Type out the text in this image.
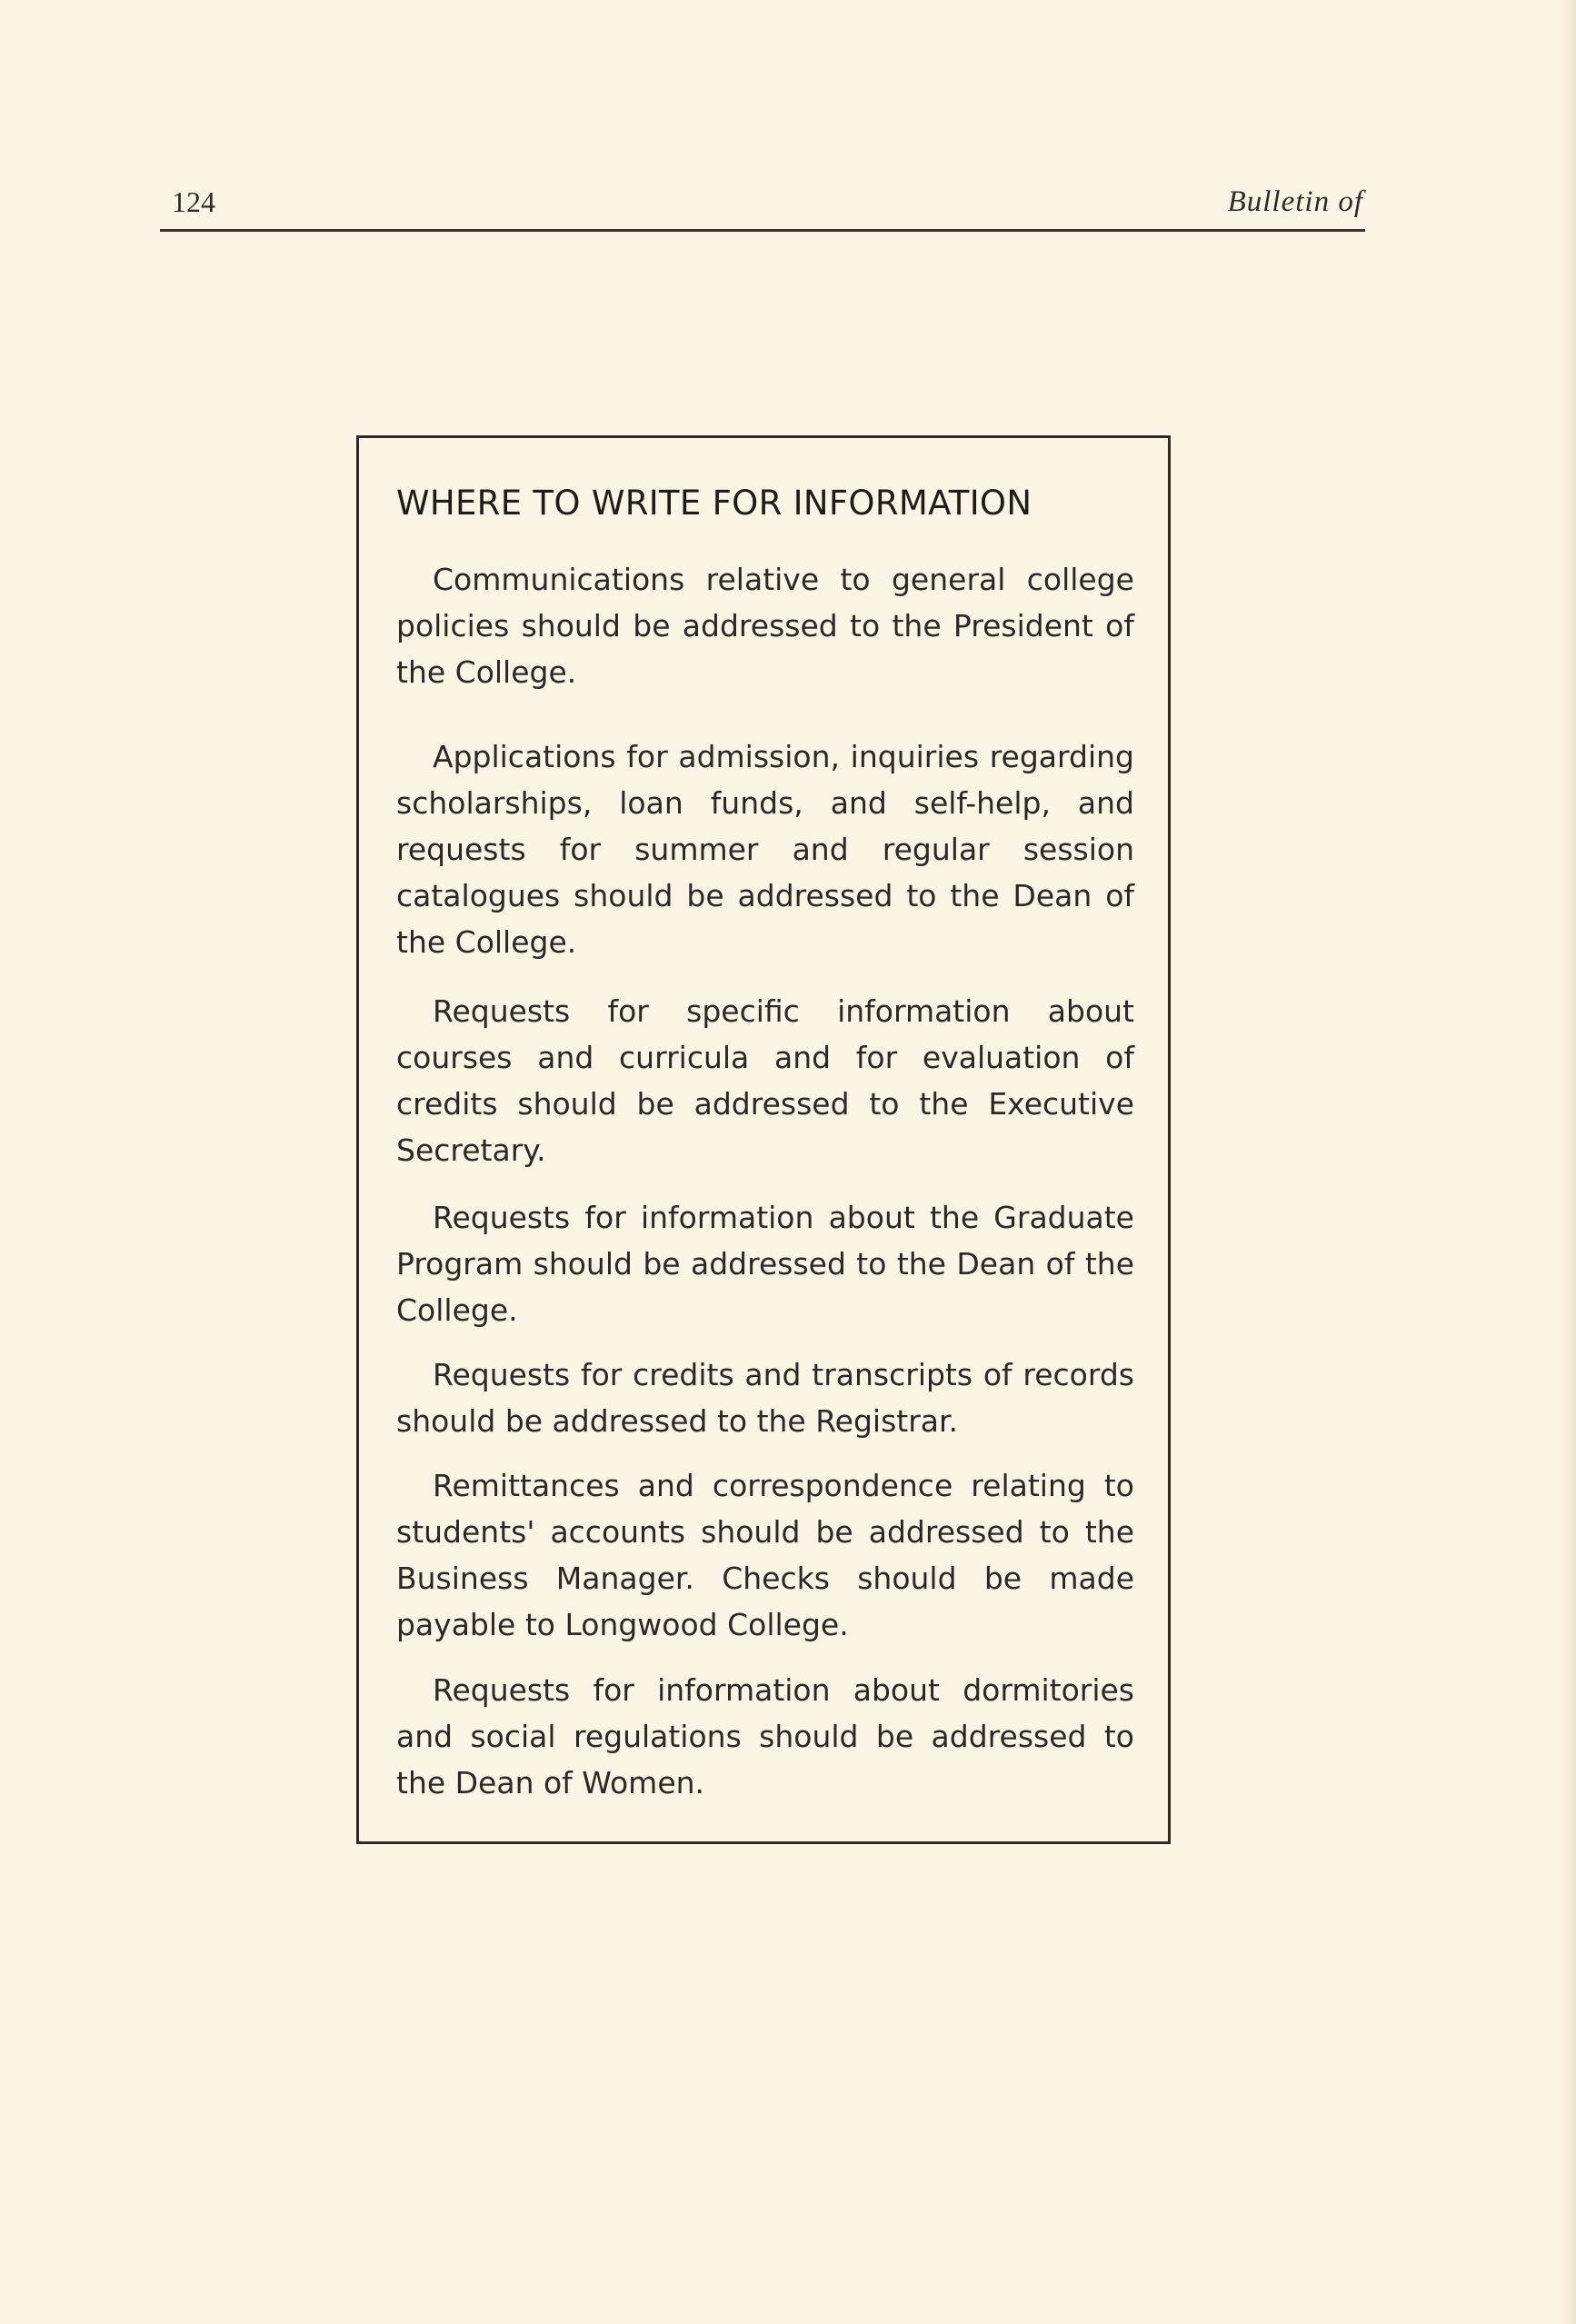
124	Bulletin of
WHERE TO WRITE FOR INFORMATION

Communications relative to general college policies should be addressed to the President of the College.

Applications for admission, inquiries regarding scholarships, loan funds, and self-help, and requests for summer and regular session catalogues should be addressed to the Dean of the College.

Requests for specific information about courses and curricula and for evaluation of credits should be addressed to the Executive Secretary.

Requests for information about the Graduate Program should be addressed to the Dean of the College.

Requests for credits and transcripts of records should be addressed to the Registrar.

Remittances and correspondence relating to students' accounts should be addressed to the Business Manager. Checks should be made payable to Longwood College.

Requests for information about dormitories and social regulations should be addressed to the Dean of Women.
